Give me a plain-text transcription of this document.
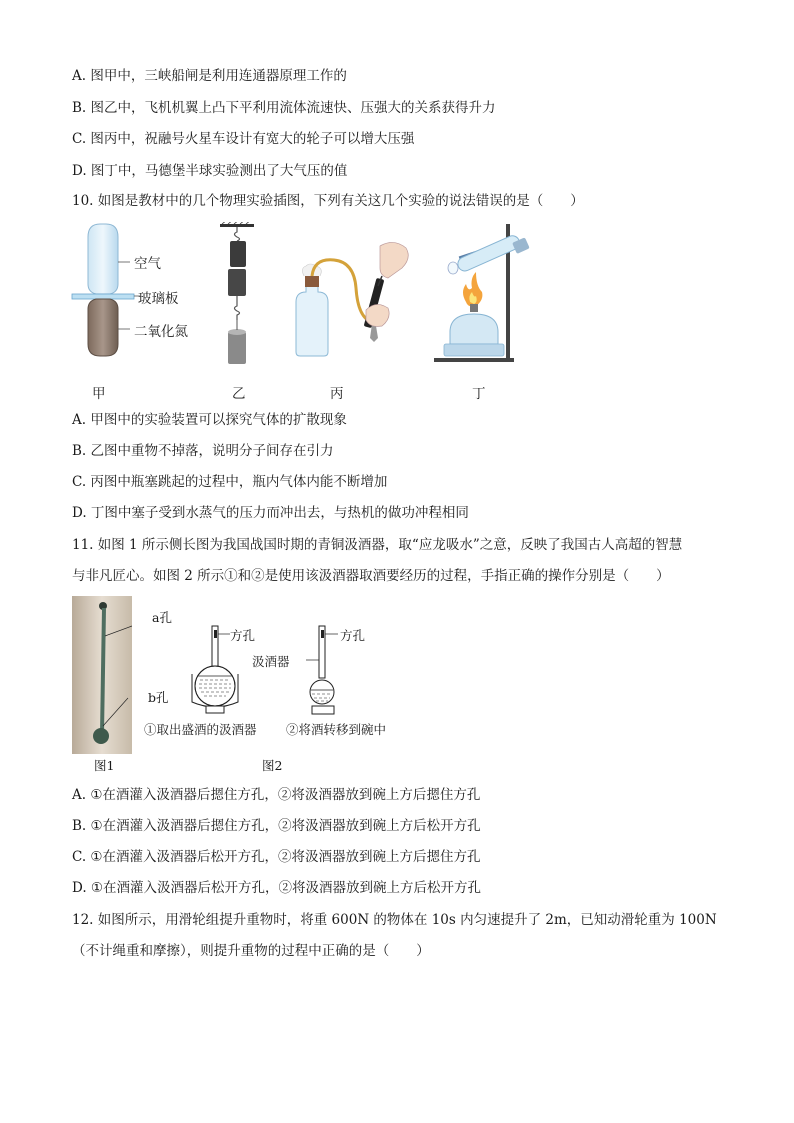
A. 图甲中，三峡船闸是利用连通器原理工作的
B. 图乙中，飞机机翼上凸下平利用流体流速快、压强大的关系获得升力
C. 图丙中，祝融号火星车设计有宽大的轮子可以增大压强
D. 图丁中，马德堡半球实验测出了大气压的值
10. 如图是教材中的几个物理实验插图，下列有关这几个实验的说法错误的是（　　）
空气
玻璃板
二氧化氮
甲	乙	丙	丁
A. 甲图中的实验装置可以探究气体的扩散现象
B. 乙图中重物不掉落，说明分子间存在引力
C. 丙图中瓶塞跳起的过程中，瓶内气体内能不断增加
D. 丁图中塞子受到水蒸气的压力而冲出去，与热机的做功冲程相同
11. 如图 1 所示侧长图为我国战国时期的青铜汲酒器，取“应龙吸水”之意，反映了我国古人高超的智慧
与非凡匠心。如图 2 所示①和②是使用该汲酒器取酒要经历的过程，手指正确的操作分别是（　　）
a孔
b孔
方孔	方孔
汲酒器
①取出盛酒的汲酒器 ②将酒转移到碗中
图1	图2
A. ①在酒灌入汲酒器后摁住方孔，②将汲酒器放到碗上方后摁住方孔
B. ①在酒灌入汲酒器后摁住方孔，②将汲酒器放到碗上方后松开方孔
C. ①在酒灌入汲酒器后松开方孔，②将汲酒器放到碗上方后摁住方孔
D. ①在酒灌入汲酒器后松开方孔，②将汲酒器放到碗上方后松开方孔
12. 如图所示，用滑轮组提升重物时，将重 600N 的物体在 10s 内匀速提升了 2m，已知动滑轮重为 100N
（不计绳重和摩擦），则提升重物的过程中正确的是（　　）
